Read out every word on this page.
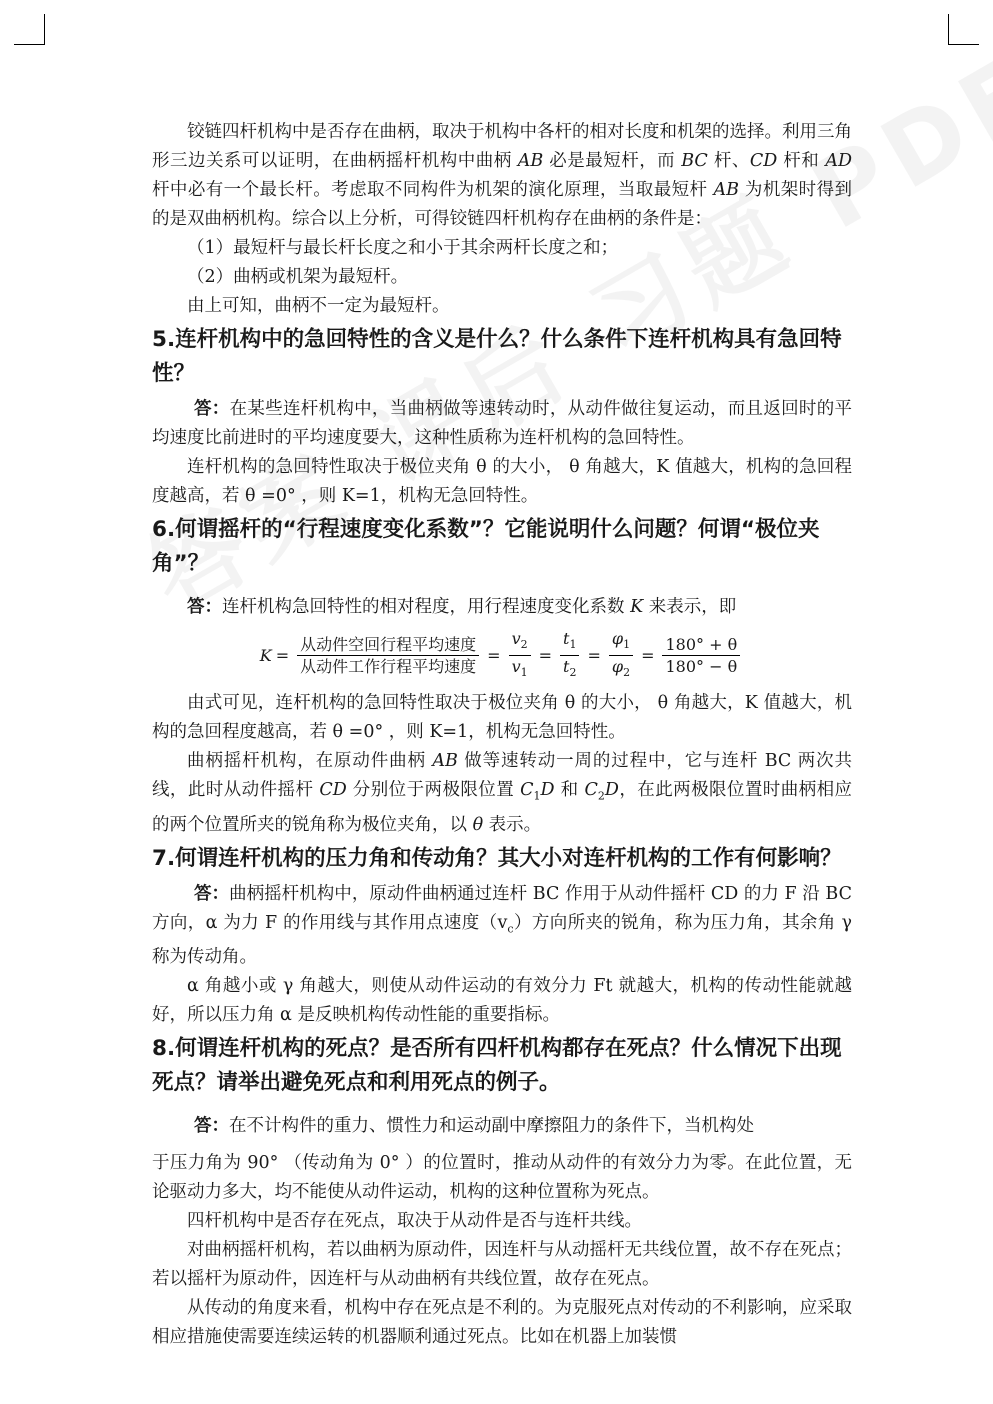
铰链四杆机构中是否存在曲柄，取决于机构中各杆的相对长度和机架的选择。利用三角形三边关系可以证明，在曲柄摇杆机构中曲柄 AB 必是最短杆，而 BC 杆、CD 杆和 AD 杆中必有一个最长杆。考虑取不同构件为机架的演化原理，当取最短杆 AB 为机架时得到的是双曲柄机构。综合以上分析，可得铰链四杆机构存在曲柄的条件是：

（1）最短杆与最长杆长度之和小于其余两杆长度之和；

（2）曲柄或机架为最短杆。

由上可知，曲柄不一定为最短杆。

5.连杆机构中的急回特性的含义是什么？什么条件下连杆机构具有急回特性？

答：在某些连杆机构中，当曲柄做等速转动时，从动件做往复运动，而且返回时的平均速度比前进时的平均速度要大，这种性质称为连杆机构的急回特性。

连杆机构的急回特性取决于极位夹角 θ 的大小， θ 角越大，K 值越大，机构的急回程度越高，若 θ =0° ，则 K=1，机构无急回特性。

6.何谓摇杆的“行程速度变化系数”？它能说明什么问题？何谓“极位夹角”？

答：连杆机构急回特性的相对程度，用行程速度变化系数 K 来表示，即

$K = \frac{\text{从动件空回行程平均速度}}{\text{从动件工作行程平均速度}} = \frac{v_2}{v_1} = \frac{t_1}{t_2} = \frac{\varphi_1}{\varphi_2} = \frac{180^\circ + \theta}{180^\circ - \theta}$

由式可见，连杆机构的急回特性取决于极位夹角 θ 的大小， θ 角越大，K 值越大，机构的急回程度越高，若 θ =0° ，则 K=1，机构无急回特性。

曲柄摇杆机构，在原动件曲柄 AB 做等速转动一周的过程中，它与连杆 BC 两次共线，此时从动件摇杆 CD 分别位于两极限位置 $C_1D$ 和 $C_2D$，在此两极限位置时曲柄相应的两个位置所夹的锐角称为极位夹角，以 θ 表示。

7.何谓连杆机构的压力角和传动角？其大小对连杆机构的工作有何影响？

答：曲柄摇杆机构中，原动件曲柄通过连杆 BC 作用于从动件摇杆 CD 的力 F 沿 BC 方向，α 为力 F 的作用线与其作用点速度$(v_c)$方向所夹的锐角，称为压力角，其余角 γ 称为传动角。

α 角越小或 γ 角越大，则使从动件运动的有效分力 Ft 就越大，机构的传动性能就越好，所以压力角 α 是反映机构传动性能的重要指标。

8.何谓连杆机构的死点？是否所有四杆机构都存在死点？什么情况下出现死点？请举出避免死点和利用死点的例子。

答：在不计构件的重力、惯性力和运动副中摩擦阻力的条件下，当机构处

于压力角为 90° （传动角为 0° ）的位置时，推动从动件的有效分力为零。在此位置，无论驱动力多大，均不能使从动件运动，机构的这种位置称为死点。

四杆机构中是否存在死点，取决于从动件是否与连杆共线。

对曲柄摇杆机构，若以曲柄为原动件，因连杆与从动摇杆无共线位置，故不存在死点；若以摇杆为原动件，因连杆与从动曲柄有共线位置，故存在死点。

从传动的角度来看，机构中存在死点是不利的。为克服死点对传动的不利影响，应采取相应措施使需要连续运转的机器顺利通过死点。比如在机器上加装惯
